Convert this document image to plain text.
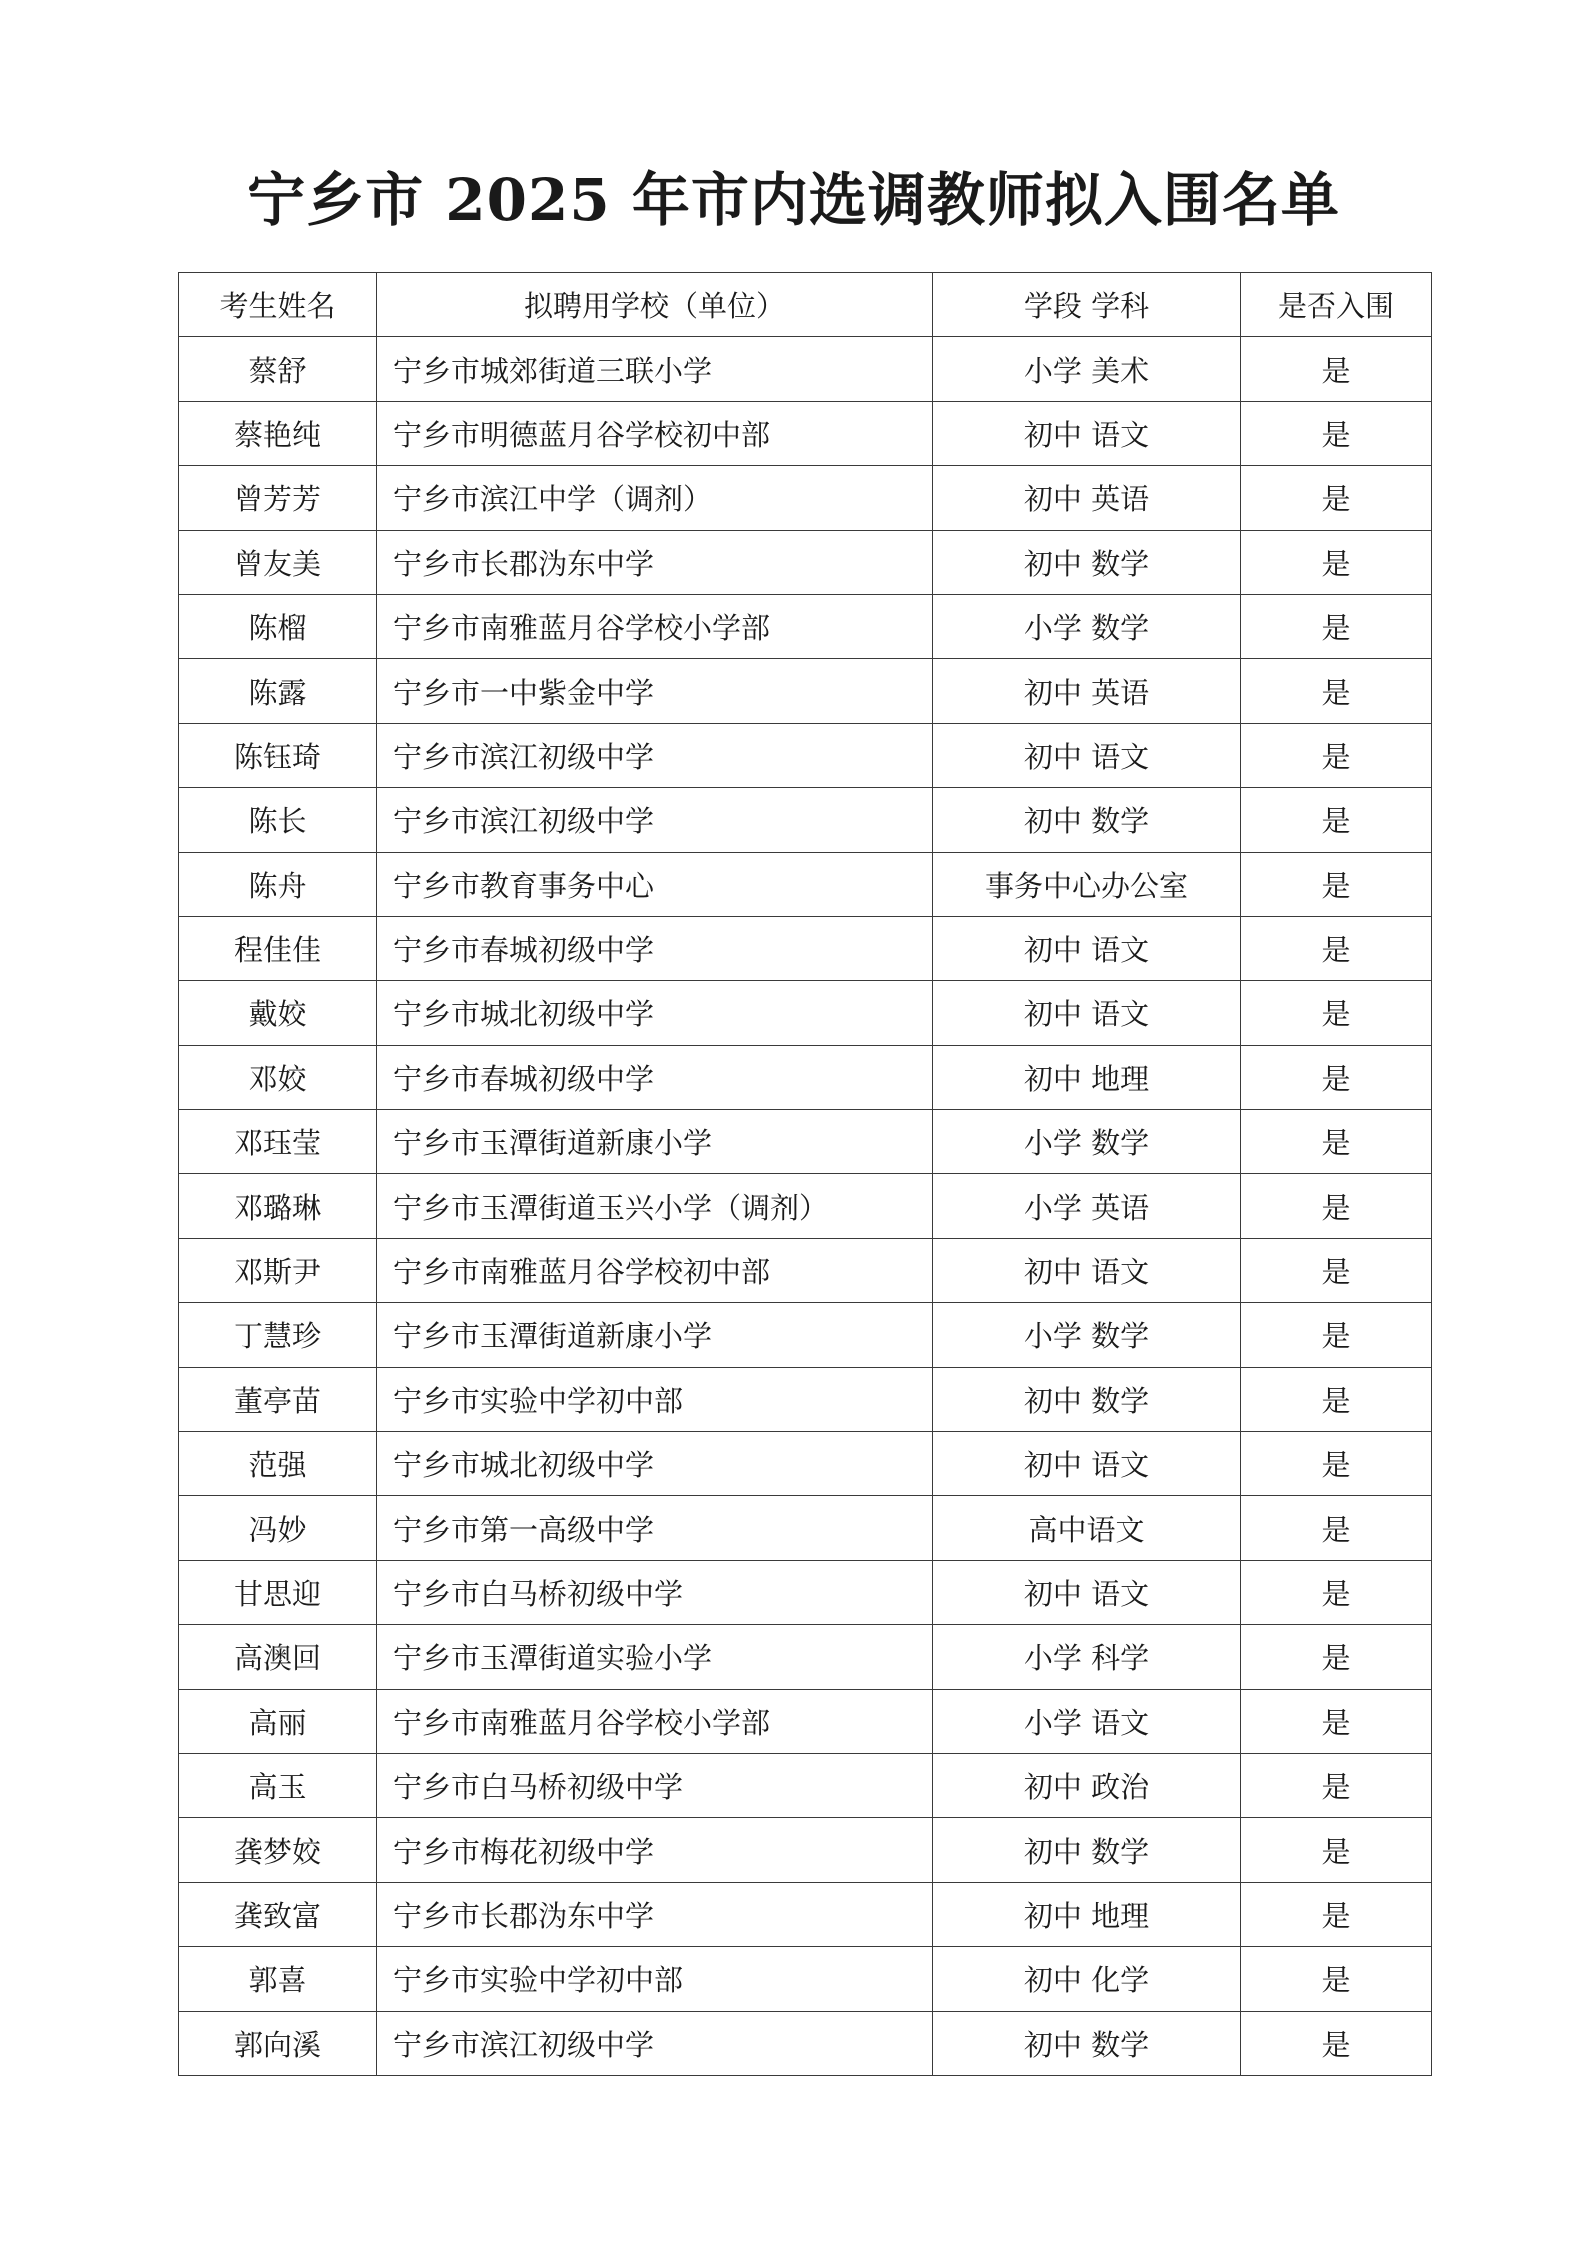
宁乡市 2025 年市内选调教师拟入围名单
考生姓名	拟聘用学校（单位）	学段 学科	是否入围
蔡舒	宁乡市城郊街道三联小学	小学 美术	是
蔡艳纯	宁乡市明德蓝月谷学校初中部	初中 语文	是
曾芳芳	宁乡市滨江中学（调剂）	初中 英语	是
曾友美	宁乡市长郡沩东中学	初中 数学	是
陈榴	宁乡市南雅蓝月谷学校小学部	小学 数学	是
陈露	宁乡市一中紫金中学	初中 英语	是
陈钰琦	宁乡市滨江初级中学	初中 语文	是
陈长	宁乡市滨江初级中学	初中 数学	是
陈舟	宁乡市教育事务中心	事务中心办公室	是
程佳佳	宁乡市春城初级中学	初中 语文	是
戴姣	宁乡市城北初级中学	初中 语文	是
邓姣	宁乡市春城初级中学	初中 地理	是
邓珏莹	宁乡市玉潭街道新康小学	小学 数学	是
邓璐琳	宁乡市玉潭街道玉兴小学（调剂）	小学 英语	是
邓斯尹	宁乡市南雅蓝月谷学校初中部	初中 语文	是
丁慧珍	宁乡市玉潭街道新康小学	小学 数学	是
董亭苗	宁乡市实验中学初中部	初中 数学	是
范强	宁乡市城北初级中学	初中 语文	是
冯妙	宁乡市第一高级中学	高中语文	是
甘思迎	宁乡市白马桥初级中学	初中 语文	是
高澳回	宁乡市玉潭街道实验小学	小学 科学	是
高丽	宁乡市南雅蓝月谷学校小学部	小学 语文	是
高玉	宁乡市白马桥初级中学	初中 政治	是
龚梦姣	宁乡市梅花初级中学	初中 数学	是
龚致富	宁乡市长郡沩东中学	初中 地理	是
郭喜	宁乡市实验中学初中部	初中 化学	是
郭向溪	宁乡市滨江初级中学	初中 数学	是
